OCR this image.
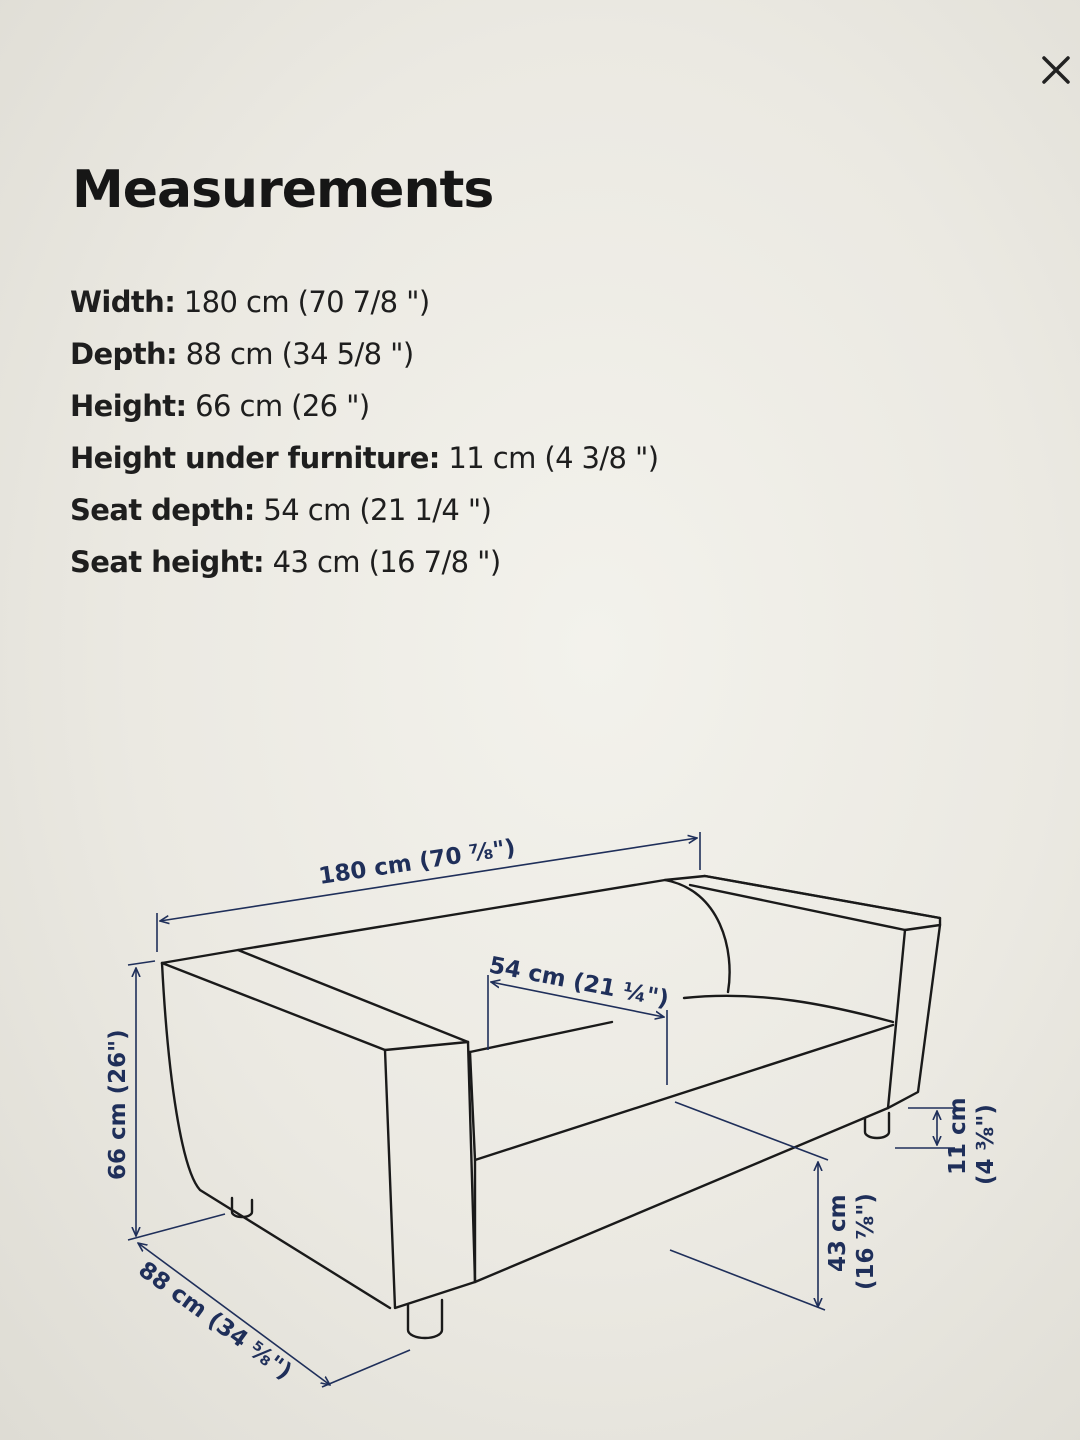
Measurements
Width: 180 cm (70 7/8 ")
Depth: 88 cm (34 5/8 ")
Height: 66 cm (26 ")
Height under furniture: 11 cm (4 3/8 ")
Seat depth: 54 cm (21 1/4 ")
Seat height: 43 cm (16 7/8 ")
180 cm (70 ⅞")
54 cm (21 ¼")
66 cm (26")
88 cm (34 ⅝")
43 cm (16 ⅞")
11 cm (4 ⅜")
